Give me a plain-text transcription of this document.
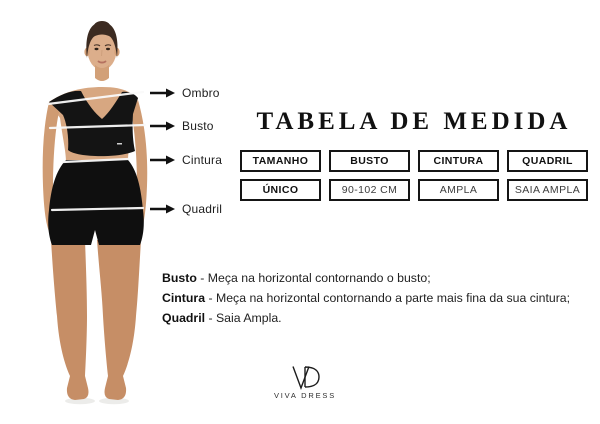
Ombro
Busto
Cintura
Quadril
TABELA DE MEDIDA
TAMANHO	BUSTO	CINTURA	QUADRIL
ÚNICO	90-102 CM	AMPLA	SAIA AMPLA
Busto - Meça na horizontal contornando o busto;
Cintura - Meça na horizontal contornando a parte mais fina da sua cintura;
Quadril - Saia Ampla.
VIVA DRESS
